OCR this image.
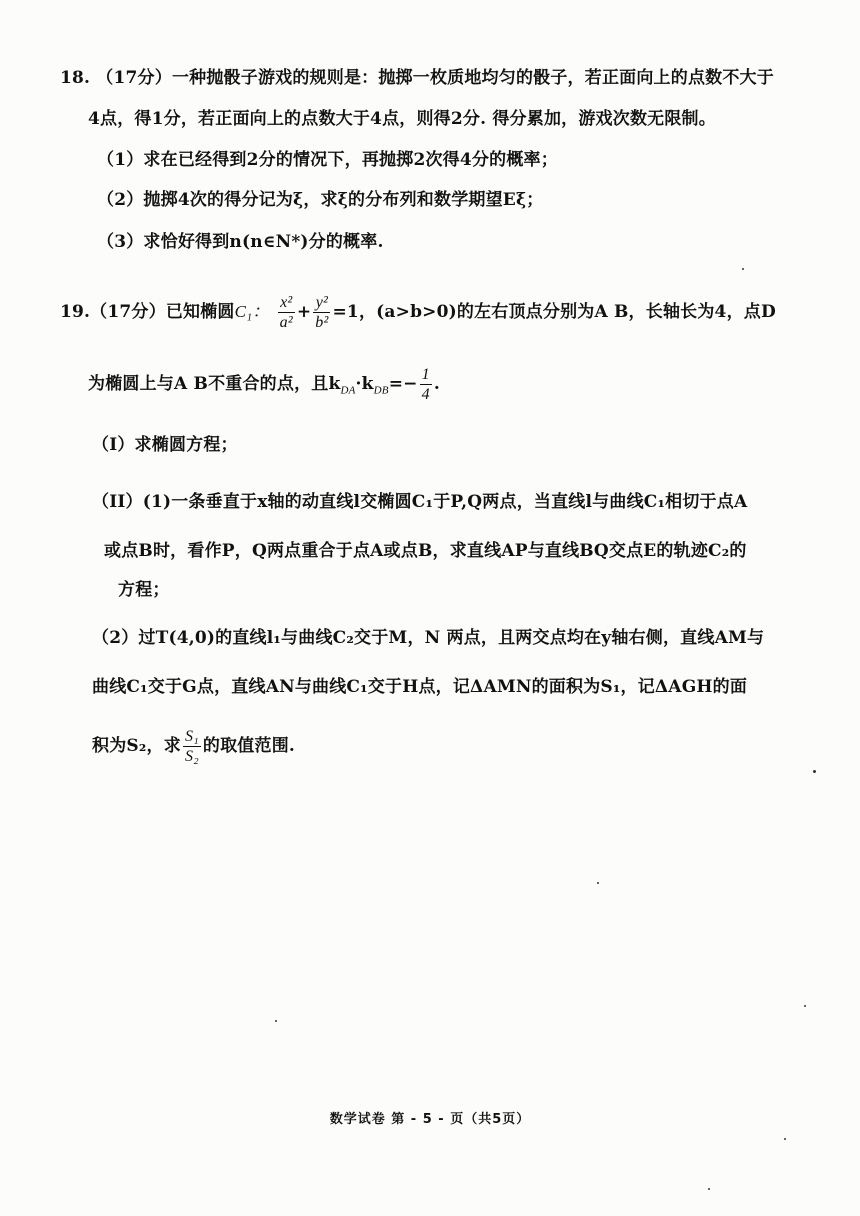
18. （17分）一种抛骰子游戏的规则是：抛掷一枚质地均匀的骰子，若正面向上的点数不大于
4点，得1分，若正面向上的点数大于4点，则得2分. 得分累加，游戏次数无限制。
（1）求在已经得到2分的情况下，再抛掷2次得4分的概率；
（2）抛掷4次的得分记为ξ，求ξ的分布列和数学期望Eξ；
（3）求恰好得到n(n∈N*)分的概率.
19.（17分）已知椭圆C₁： $\frac{\text{x²}}{\text{a²}} + \frac{\text{y²}}{\text{b²}} =1$，(a>b>0)的左右顶点分别为A B，长轴长为4，点D
为椭圆上与A B不重合的点，且$k_{DA}\cdot k_{DB}=- \frac{1}{4}$ .
（Ⅰ）求椭圆方程；
（II）(1)一条垂直于x轴的动直线l交椭圆C₁于P,Q两点，当直线l与曲线C₁相切于点A
或点B时，看作P，Q两点重合于点A或点B，求直线AP与直线BQ交点E的轨迹C₂的
方程；
（2）过T(4,0)的直线l₁与曲线C₂交于M，N 两点，且两交点均在y轴右侧，直线AM与
曲线C₁交于G点，直线AN与曲线C₁交于H点，记ΔAMN的面积为S₁，记ΔAGH的面
积为S₂，求 $\frac{\text{S₁}}{\text{S₂}}$ 的取值范围.
数学试卷 第 - 5 - 页（共5页）
